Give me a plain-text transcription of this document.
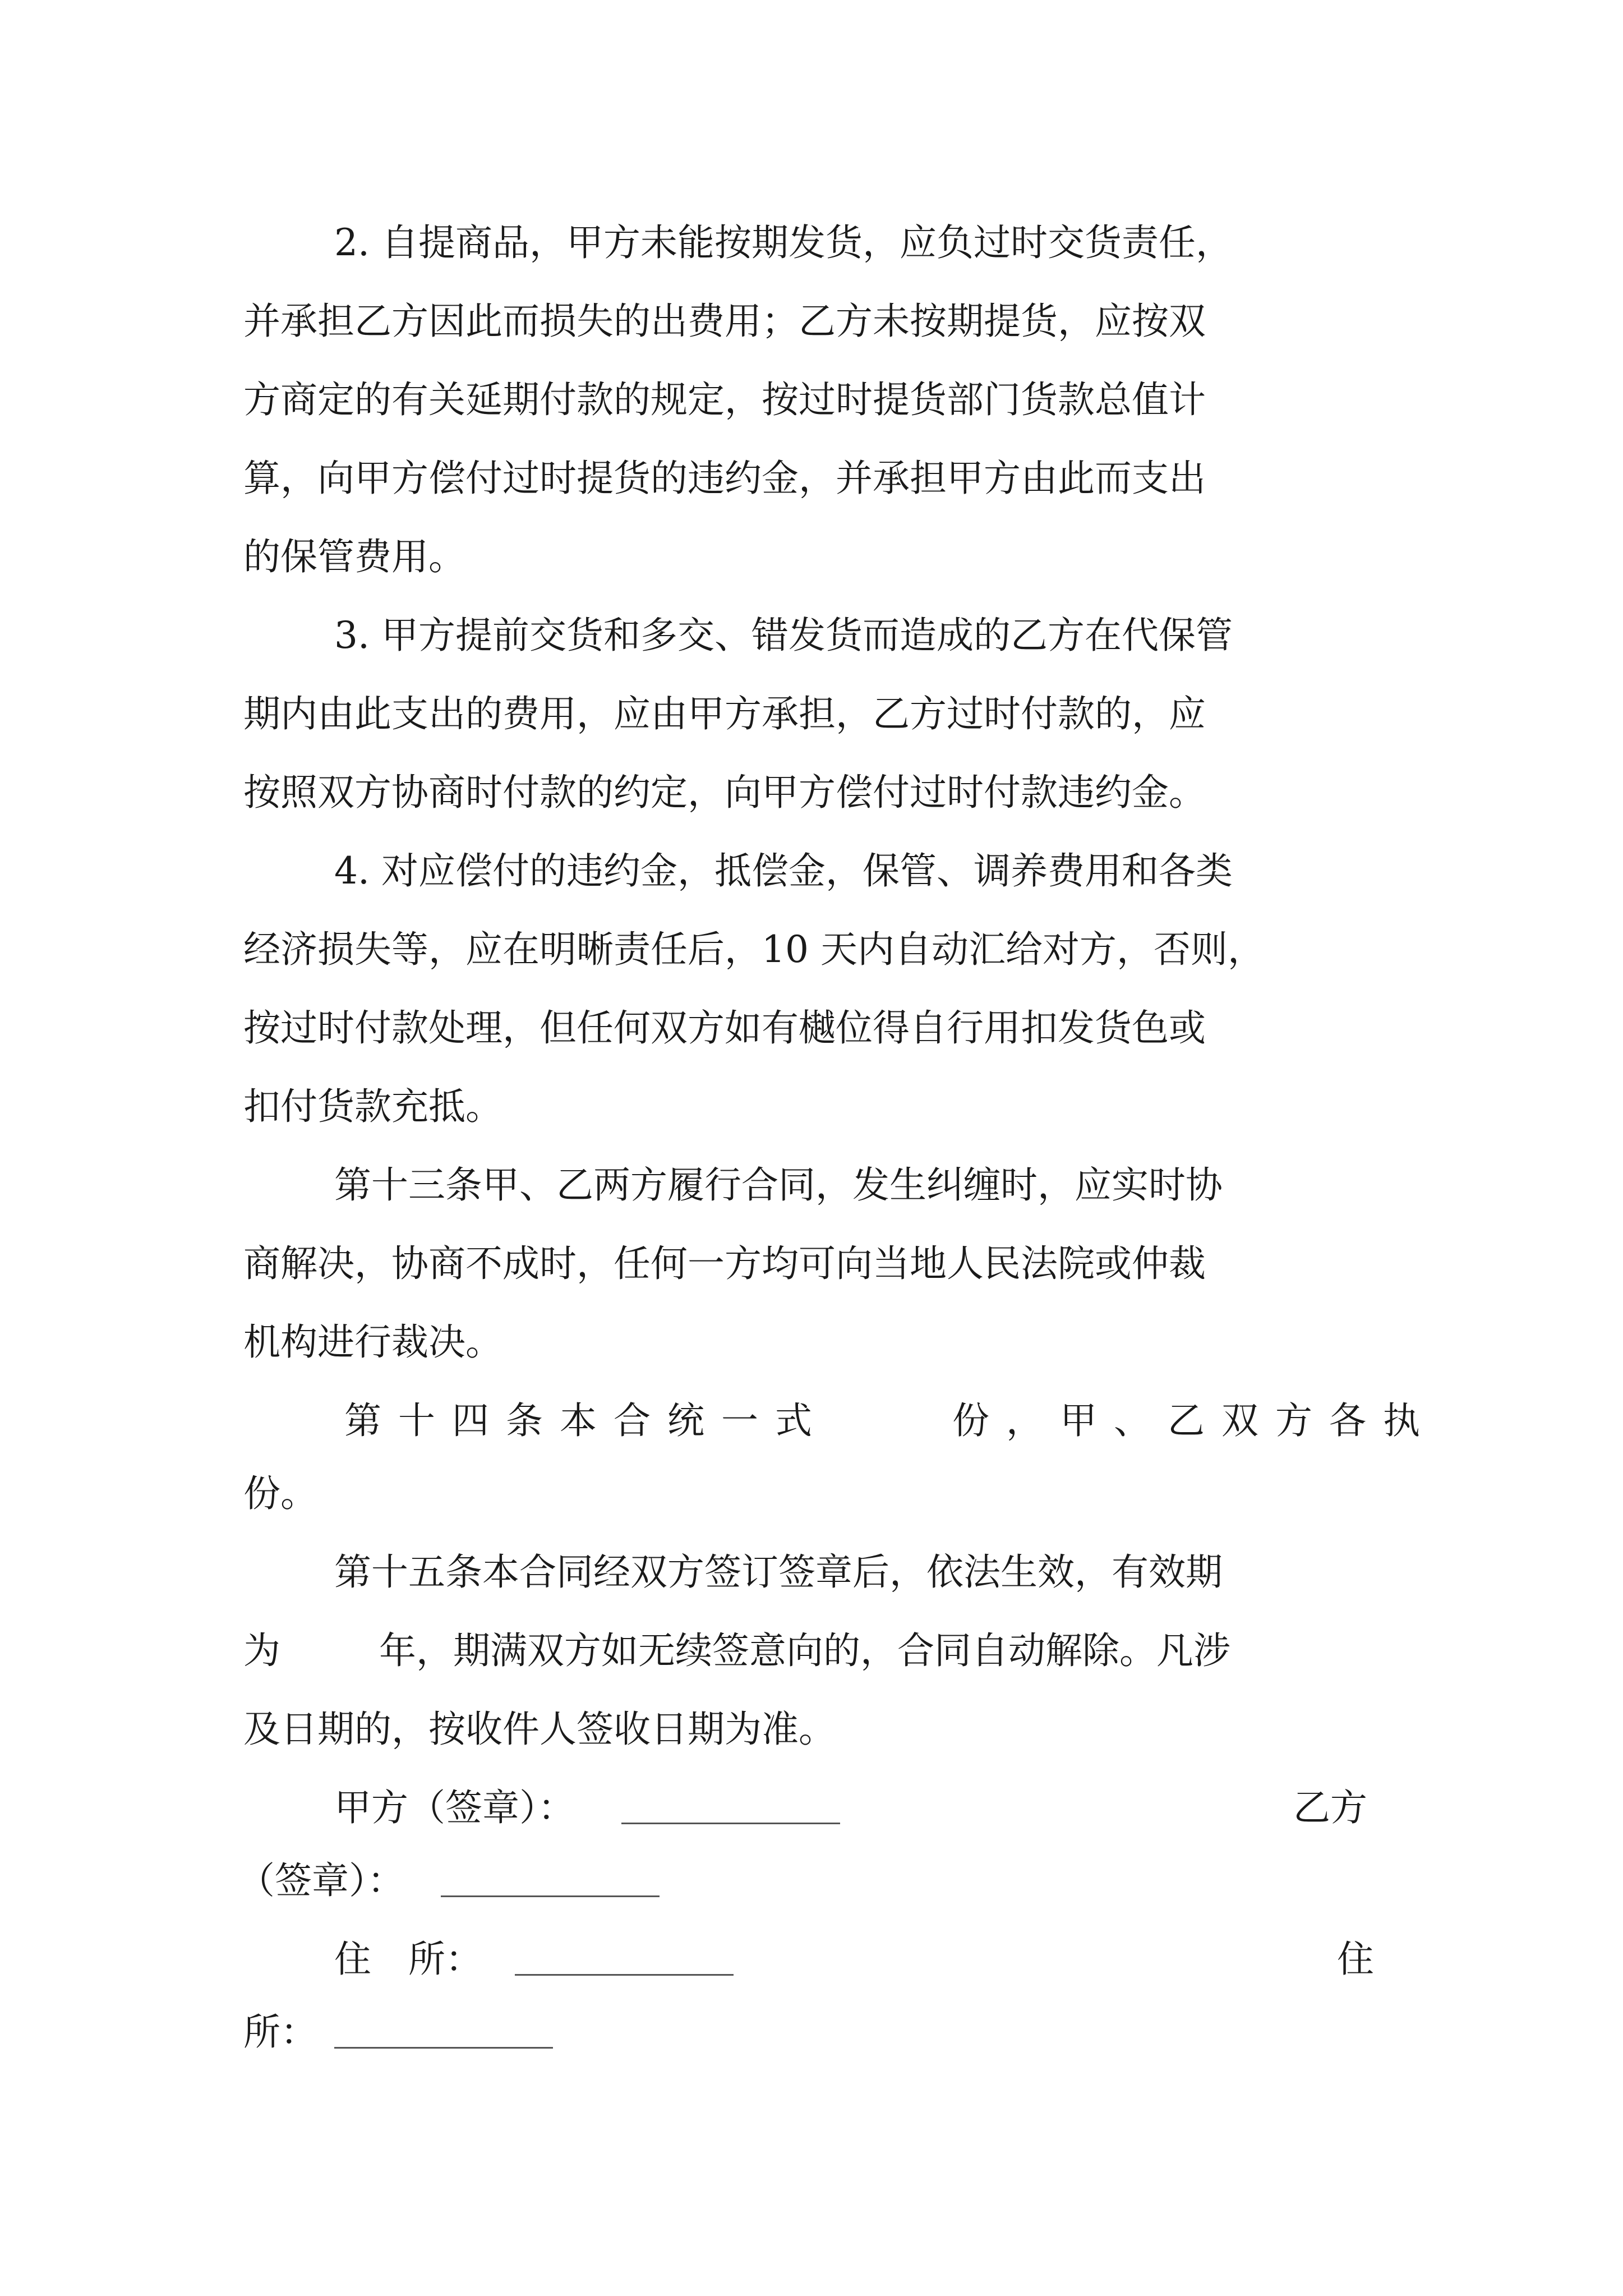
2. 自提商品，甲方未能按期发货，应负过时交货责任，
并承担乙方因此而损失的出费用；乙方未按期提货，应按双
方商定的有关延期付款的规定，按过时提货部门货款总值计
算，向甲方偿付过时提货的违约金，并承担甲方由此而支出
的保管费用。
3. 甲方提前交货和多交、错发货而造成的乙方在代保管
期内由此支出的费用，应由甲方承担，乙方过时付款的，应
按照双方协商时付款的约定，向甲方偿付过时付款违约金。
4. 对应偿付的违约金，抵偿金，保管、调养费用和各类
经济损失等，应在明晰责任后，10 天内自动汇给对方，否则，
按过时付款处理，但任何双方如有樾位得自行用扣发货色或
扣付货款充抵。
第十三条甲、乙两方履行合同，发生纠缠时，应实时协
商解决，协商不成时，任何一方均可向当地人民法院或仲裁
机构进行裁决。
第十四条本合统一式	份，甲、乙双方各执
份。
第十五条本合同经双方签订签章后，依法生效，有效期
为	年，期满双方如无续签意向的，合同自动解除。凡涉
及日期的，按收件人签收日期为准。
甲方（签章）：	乙方
（签章）：
住　所：	住
所：
